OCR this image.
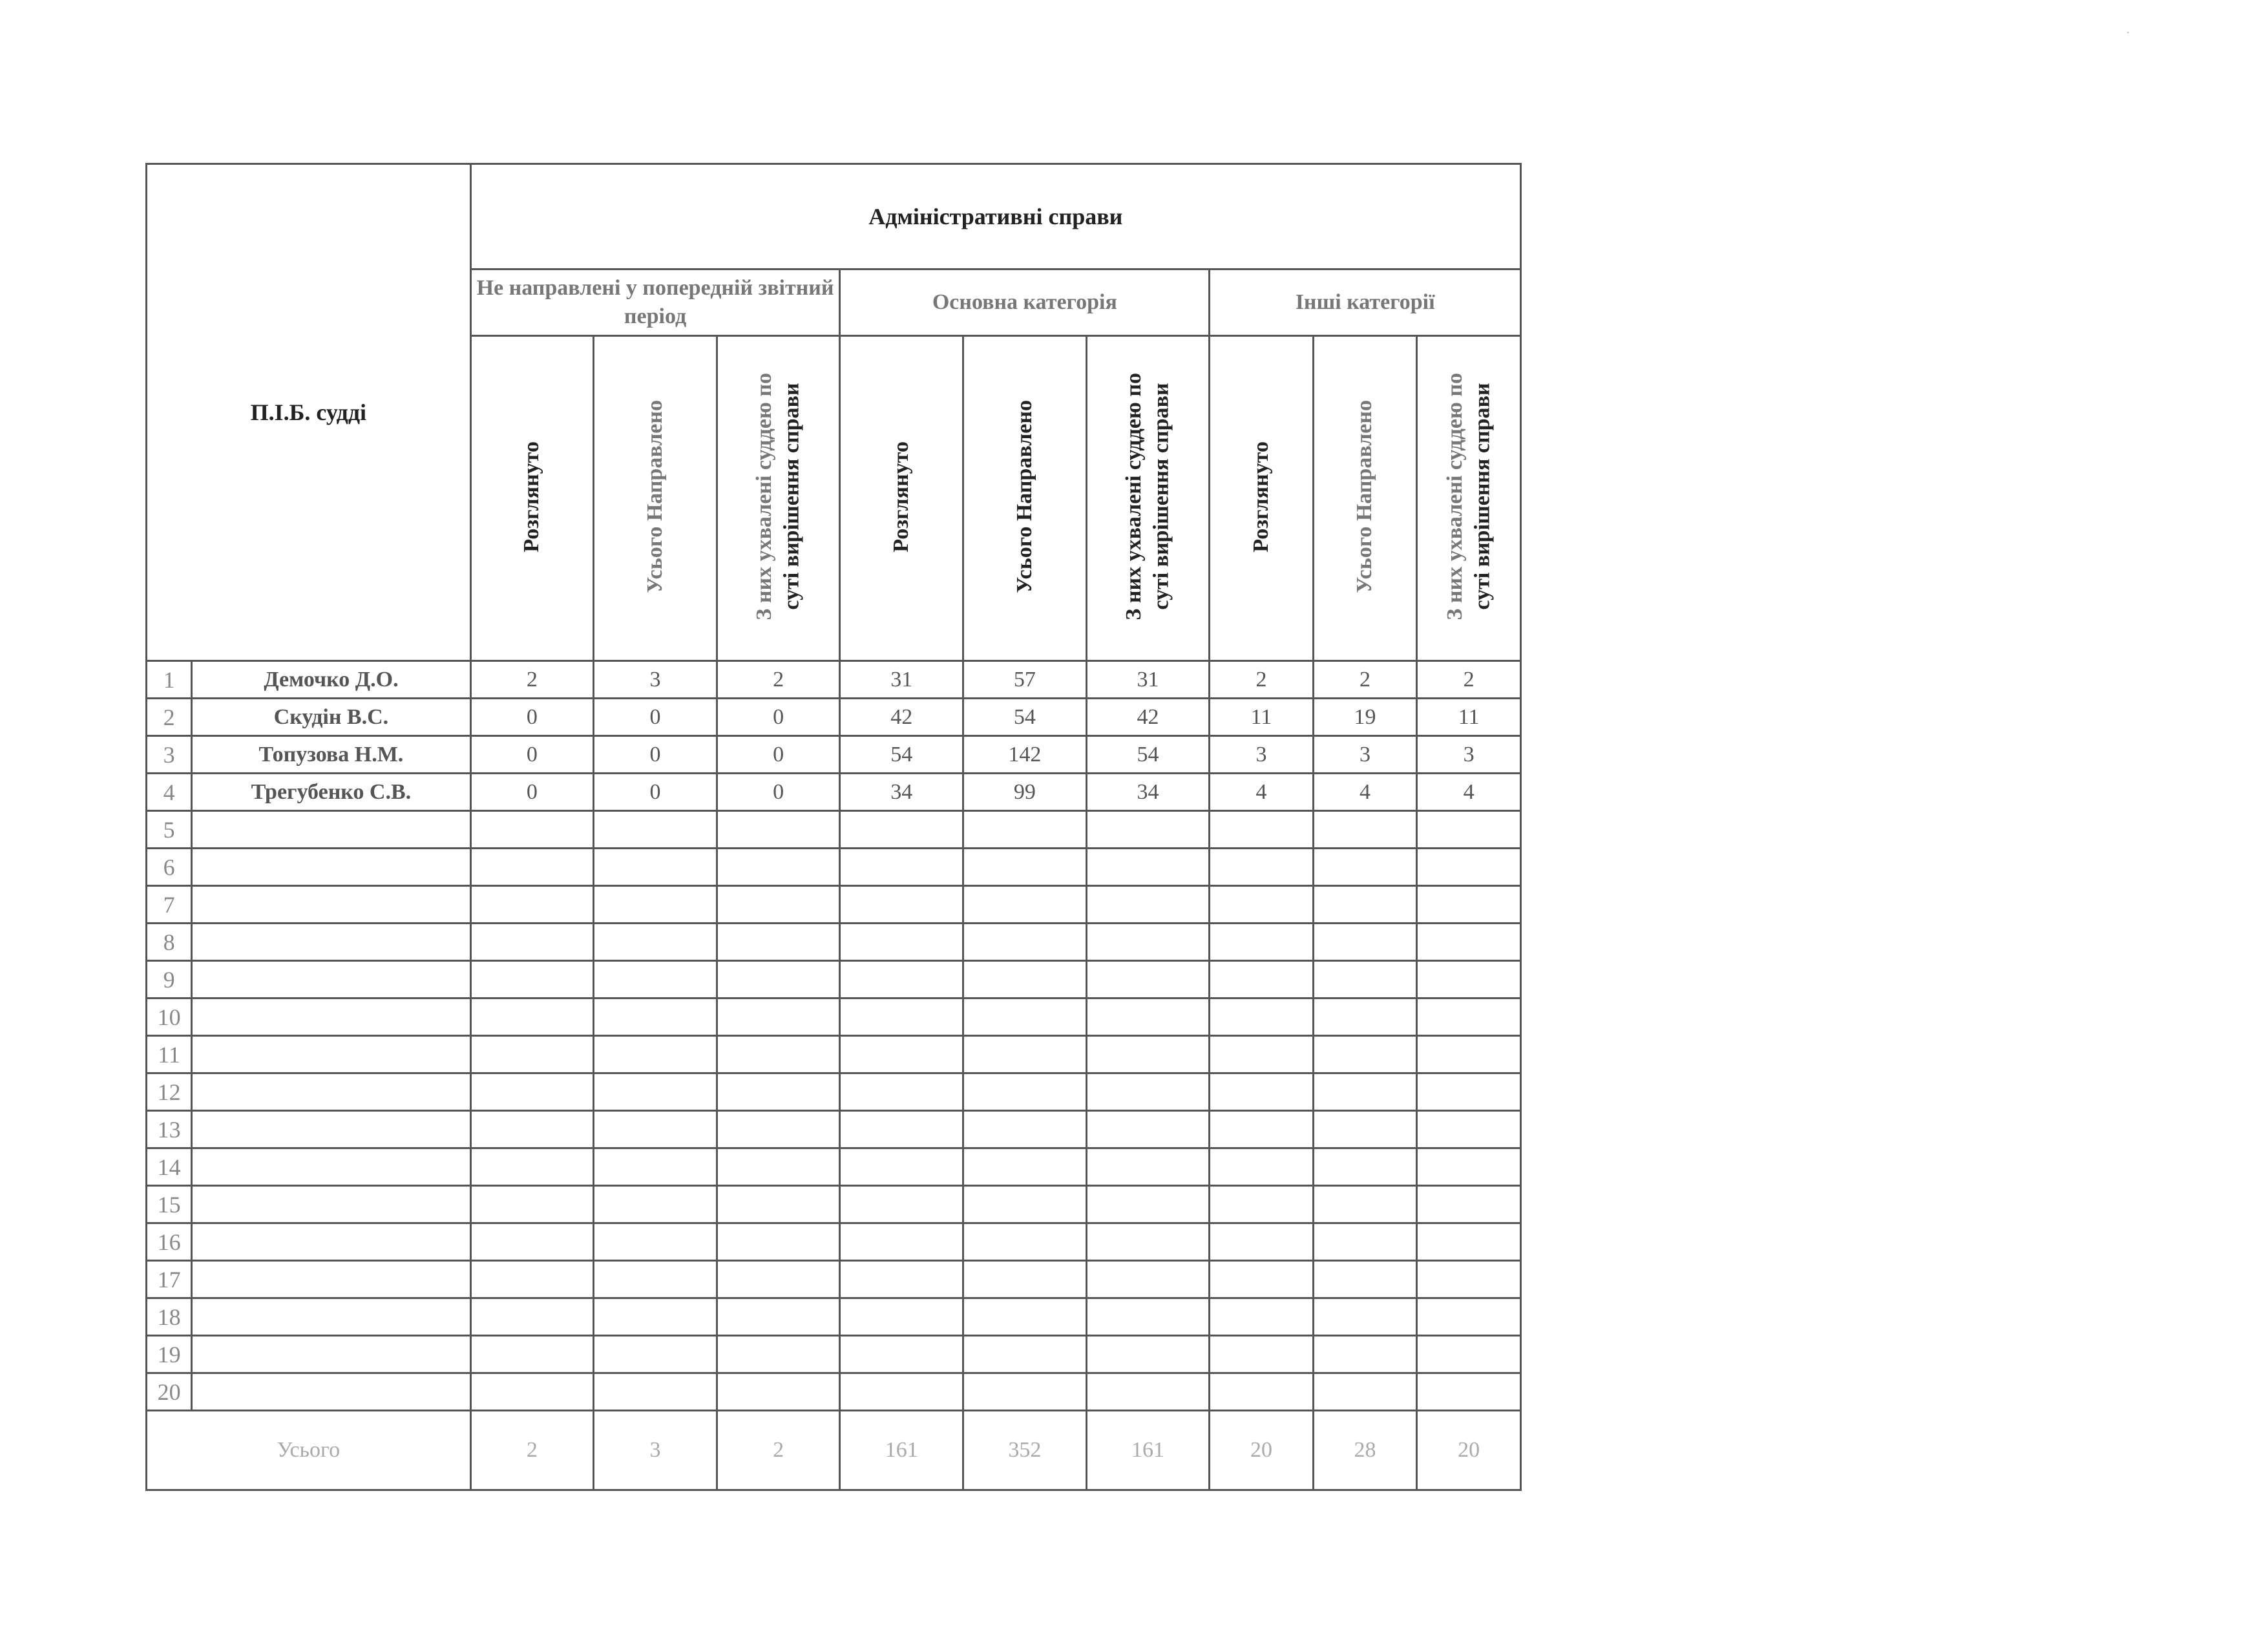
П.І.Б. судді		Адміністративні справи								
		Не направлені у попередній звітний період			Основна категорія			Інші категорії		
		Розглянуто	Усього Направлено	З них ухвалені суддею по суті вирішення справи	Розглянуто	Усього Направлено	З них ухвалені суддею по суті вирішення справи	Розглянуто	Усього Направлено	З них ухвалені суддею по суті вирішення справи
1	Демочко Д.О.	2	3	2	31	57	31	2	2	2
2	Скудін В.С.	0	0	0	42	54	42	11	19	11
3	Топузова Н.М.	0	0	0	54	142	54	3	3	3
4	Трегубенко С.В.	0	0	0	34	99	34	4	4	4
5										
6										
7										
8										
9										
10										
11										
12										
13										
14										
15										
16										
17										
18										
19										
20										
Усього		2	3	2	161	352	161	20	28	20
·
